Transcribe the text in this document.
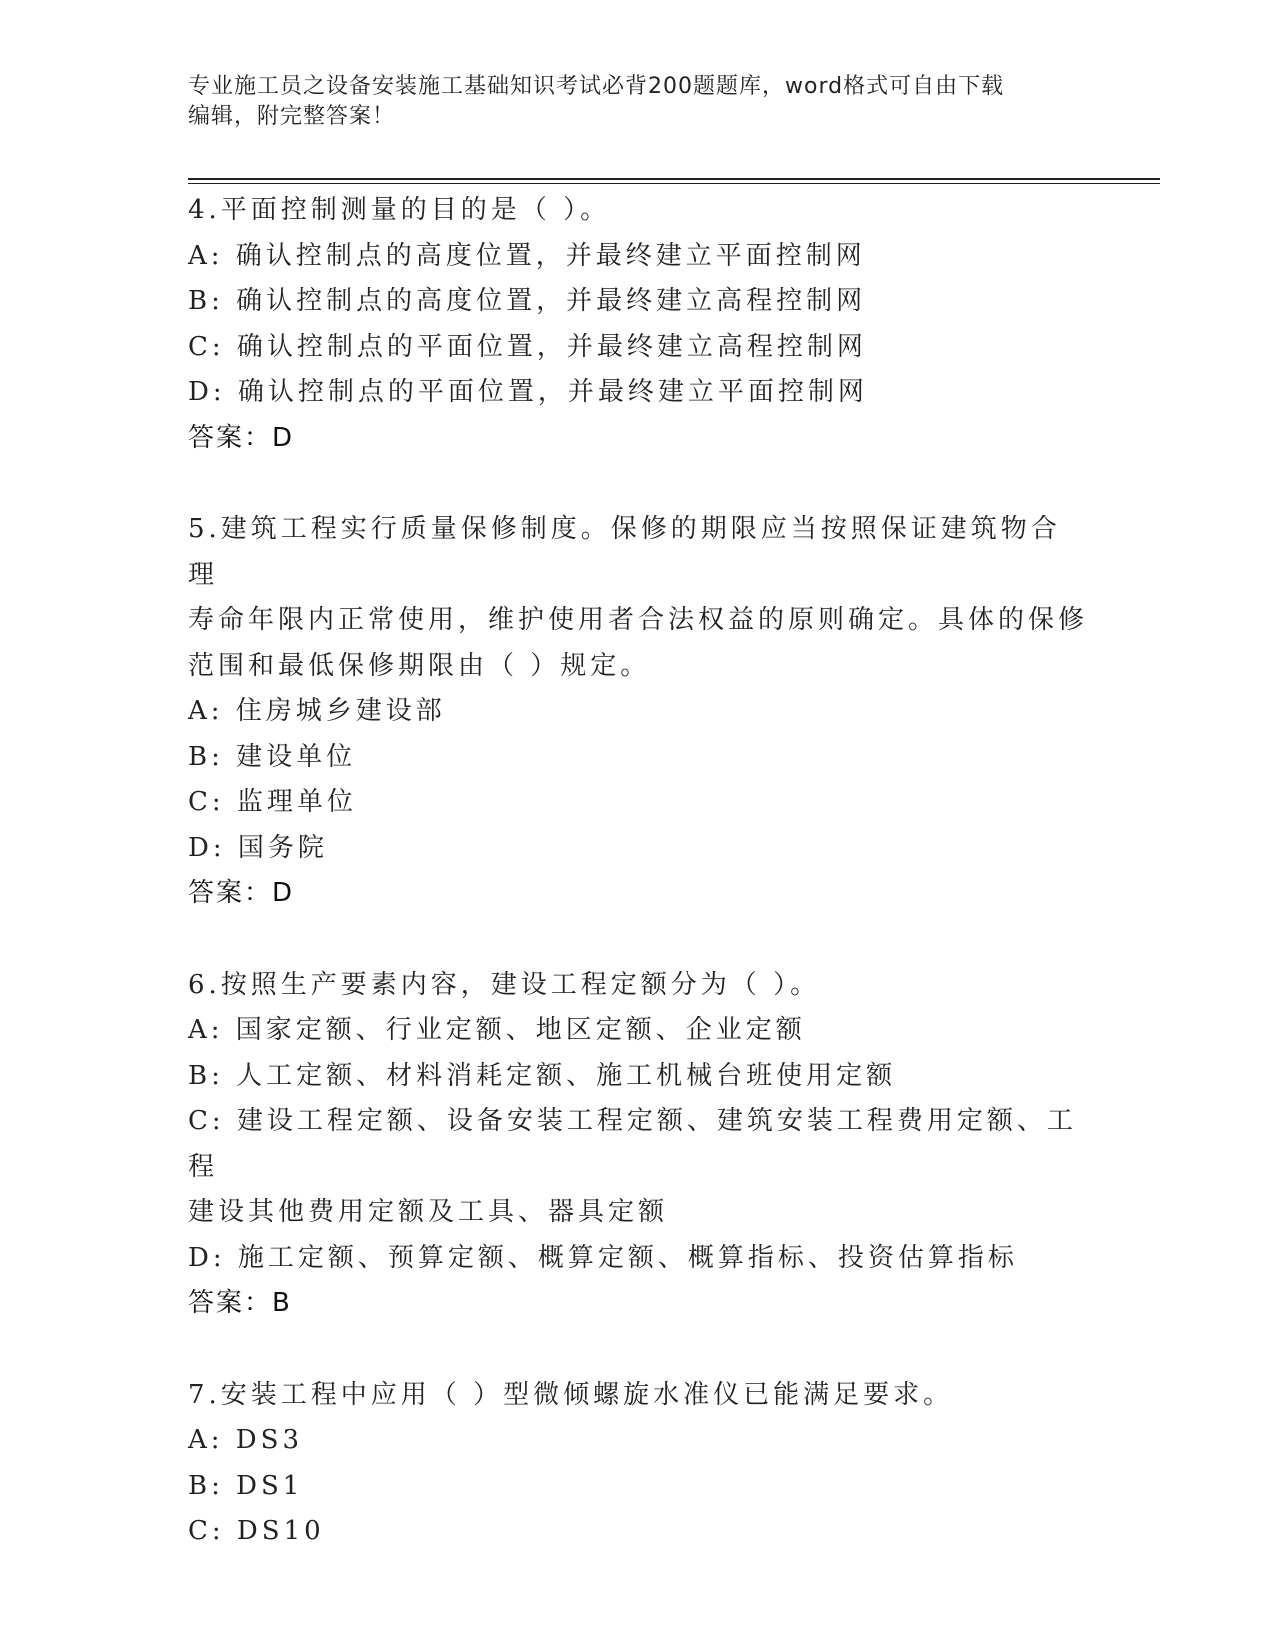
专业施工员之设备安装施工基础知识考试必背200题题库，word格式可自由下载
编辑，附完整答案！
4.平面控制测量的目的是（ ）。
A: 确认控制点的高度位置，并最终建立平面控制网
B: 确认控制点的高度位置，并最终建立高程控制网
C: 确认控制点的平面位置，并最终建立高程控制网
D: 确认控制点的平面位置，并最终建立平面控制网
答案：D
5.建筑工程实行质量保修制度。保修的期限应当按照保证建筑物合理
寿命年限内正常使用，维护使用者合法权益的原则确定。具体的保修
范围和最低保修期限由（ ）规定。
A: 住房城乡建设部
B: 建设单位
C: 监理单位
D: 国务院
答案：D
6.按照生产要素内容，建设工程定额分为（ ）。
A: 国家定额、行业定额、地区定额、企业定额
B: 人工定额、材料消耗定额、施工机械台班使用定额
C: 建设工程定额、设备安装工程定额、建筑安装工程费用定额、工程
建设其他费用定额及工具、器具定额
D: 施工定额、预算定额、概算定额、概算指标、投资估算指标
答案：B
7.安装工程中应用（ ）型微倾螺旋水准仪已能满足要求。
A: DS3
B: DS1
C: DS10
